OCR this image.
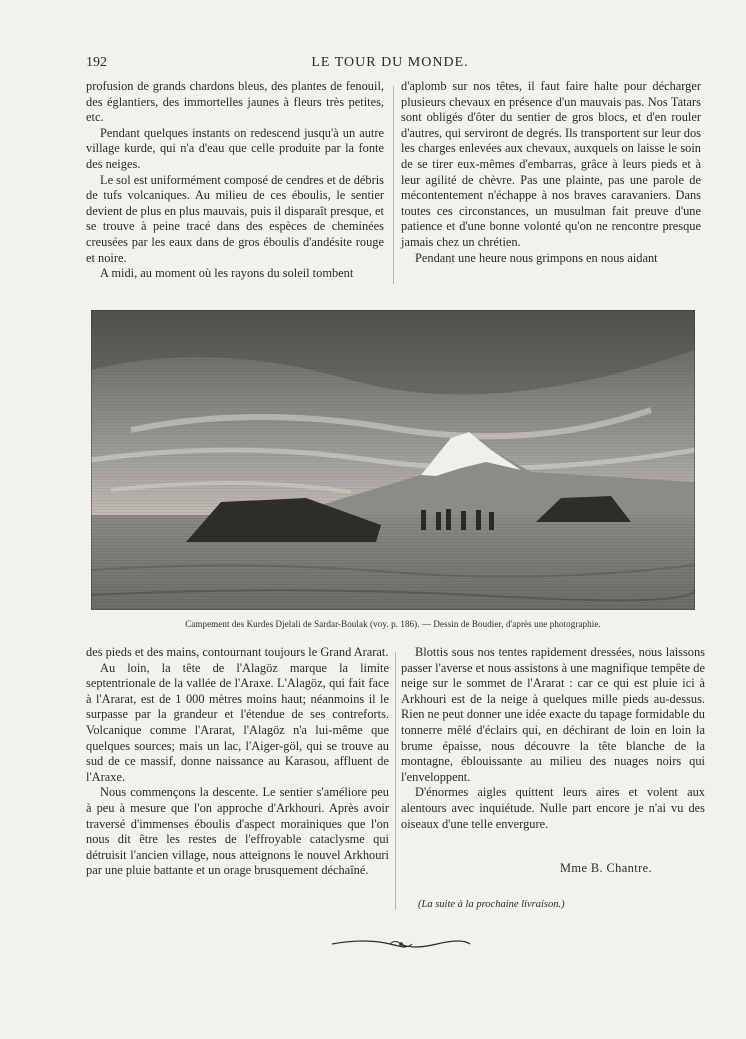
192	LE TOUR DU MONDE.

profusion de grands chardons bleus, des plantes de fenouil, des églantiers, des immortelles jaunes à fleurs très petites, etc.

Pendant quelques instants on redescend jusqu'à un autre village kurde, qui n'a d'eau que celle produite par la fonte des neiges.

Le sol est uniformément composé de cendres et de débris de tufs volcaniques. Au milieu de ces éboulis, le sentier devient de plus en plus mauvais, puis il disparaît presque, et se trouve à peine tracé dans des espèces de cheminées creusées par les eaux dans de gros éboulis d'andésite rouge et noire.

A midi, au moment où les rayons du soleil tombent

d'aplomb sur nos têtes, il faut faire halte pour décharger plusieurs chevaux en présence d'un mauvais pas. Nos Tatars sont obligés d'ôter du sentier de gros blocs, et d'en rouler d'autres, qui serviront de degrés. Ils transportent sur leur dos les charges enlevées aux chevaux, auxquels on laisse le soin de se tirer eux-mêmes d'embarras, grâce à leurs pieds et à leur agilité de chèvre. Pas une plainte, pas une parole de mécontentement n'échappe à nos braves caravaniers. Dans toutes ces circonstances, un musulman fait preuve d'une patience et d'une bonne volonté qu'on ne rencontre presque jamais chez un chrétien.

Pendant une heure nous grimpons en nous aidant

Campement des Kurdes Djelali de Sardar-Boulak (voy. p. 186). — Dessin de Boudier, d'après une photographie.

des pieds et des mains, contournant toujours le Grand Ararat.

Au loin, la tête de l'Alagöz marque la limite septentrionale de la vallée de l'Araxe. L'Alagöz, qui fait face à l'Ararat, est de 1 000 mètres moins haut; néanmoins il le surpasse par la grandeur et l'étendue de ses contreforts. Volcanique comme l'Ararat, l'Alagöz n'a lui-même que quelques sources; mais un lac, l'Aiger-göl, qui se trouve au sud de ce massif, donne naissance au Karasou, affluent de l'Araxe.

Nous commençons la descente. Le sentier s'améliore peu à peu à mesure que l'on approche d'Arkhouri. Après avoir traversé d'immenses éboulis d'aspect morainiques que l'on nous dit être les restes de l'effroyable cataclysme qui détruisit l'ancien village, nous atteignons le nouvel Arkhouri par une pluie battante et un orage brusquement déchaîné.

Blottis sous nos tentes rapidement dressées, nous laissons passer l'averse et nous assistons à une magnifique tempête de neige sur le sommet de l'Ararat : car ce qui est pluie ici à Arkhouri est de la neige à quelques mille pieds au-dessus. Rien ne peut donner une idée exacte du tapage formidable du tonnerre mêlé d'éclairs qui, en déchirant de loin en loin la brume épaisse, nous découvre la tête blanche de la montagne, éblouissante au milieu des nuages noirs qui l'enveloppent.

D'énormes aigles quittent leurs aires et volent aux alentours avec inquiétude. Nulle part encore je n'ai vu des oiseaux d'une telle envergure.

Mme B. Chantre.
(La suite à la prochaine livraison.)
